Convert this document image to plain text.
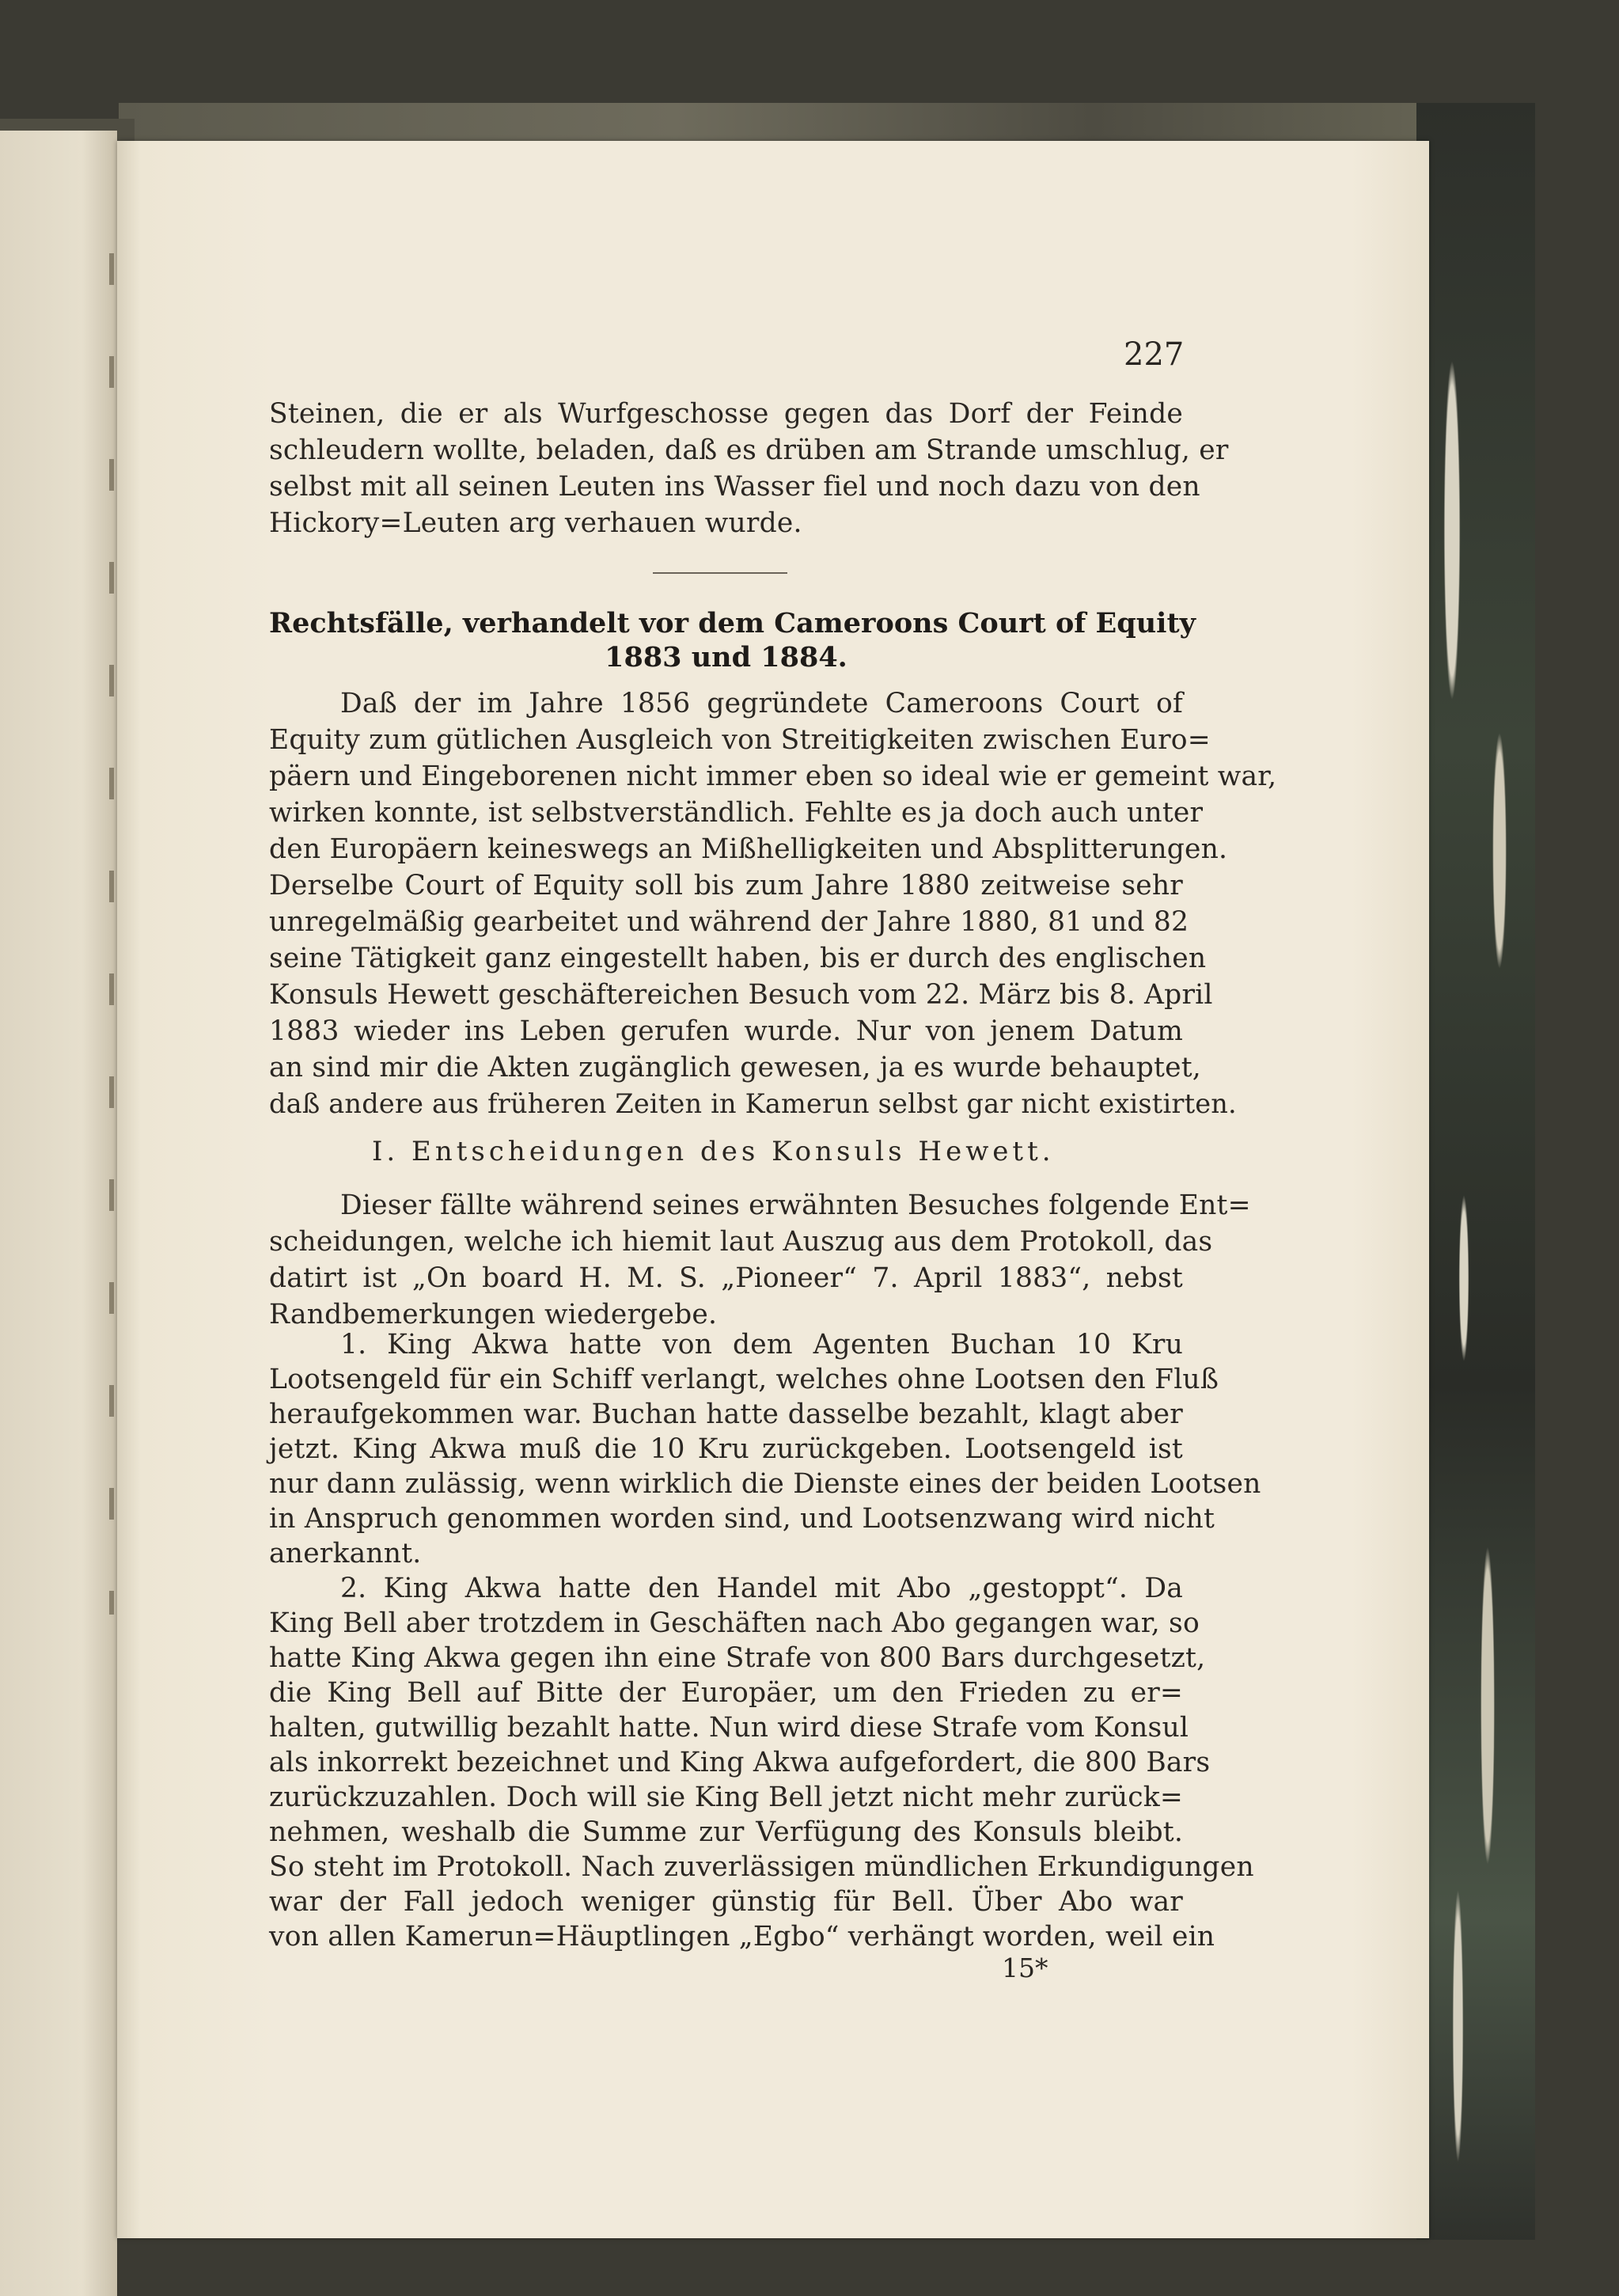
227
Steinen, die er als Wurfgeschosse gegen das Dorf der Feinde
schleudern wollte, beladen, daß es drüben am Strande umschlug, er
selbst mit all seinen Leuten ins Wasser fiel und noch dazu von den
Hickory=Leuten arg verhauen wurde.
Rechtsfälle, verhandelt vor dem Cameroons Court of Equity
1883 und 1884.
Daß der im Jahre 1856 gegründete Cameroons Court of
Equity zum gütlichen Ausgleich von Streitigkeiten zwischen Euro=
päern und Eingeborenen nicht immer eben so ideal wie er gemeint war,
wirken konnte, ist selbstverständlich. Fehlte es ja doch auch unter
den Europäern keineswegs an Mißhelligkeiten und Absplitterungen.
Derselbe Court of Equity soll bis zum Jahre 1880 zeitweise sehr
unregelmäßig gearbeitet und während der Jahre 1880, 81 und 82
seine Tätigkeit ganz eingestellt haben, bis er durch des englischen
Konsuls Hewett geschäftereichen Besuch vom 22. März bis 8. April
1883 wieder ins Leben gerufen wurde. Nur von jenem Datum
an sind mir die Akten zugänglich gewesen, ja es wurde behauptet,
daß andere aus früheren Zeiten in Kamerun selbst gar nicht existirten.
I. Entscheidungen des Konsuls Hewett.
Dieser fällte während seines erwähnten Besuches folgende Ent=
scheidungen, welche ich hiemit laut Auszug aus dem Protokoll, das
datirt ist „On board H. M. S. „Pioneer“ 7. April 1883“, nebst
Randbemerkungen wiedergebe.
1. King Akwa hatte von dem Agenten Buchan 10 Kru
Lootsengeld für ein Schiff verlangt, welches ohne Lootsen den Fluß
heraufgekommen war. Buchan hatte dasselbe bezahlt, klagt aber
jetzt. King Akwa muß die 10 Kru zurückgeben. Lootsengeld ist
nur dann zulässig, wenn wirklich die Dienste eines der beiden Lootsen
in Anspruch genommen worden sind, und Lootsenzwang wird nicht
anerkannt.
2. King Akwa hatte den Handel mit Abo „gestoppt“. Da
King Bell aber trotzdem in Geschäften nach Abo gegangen war, so
hatte King Akwa gegen ihn eine Strafe von 800 Bars durchgesetzt,
die King Bell auf Bitte der Europäer, um den Frieden zu er=
halten, gutwillig bezahlt hatte. Nun wird diese Strafe vom Konsul
als inkorrekt bezeichnet und King Akwa aufgefordert, die 800 Bars
zurückzuzahlen. Doch will sie King Bell jetzt nicht mehr zurück=
nehmen, weshalb die Summe zur Verfügung des Konsuls bleibt.
So steht im Protokoll. Nach zuverlässigen mündlichen Erkundigungen
war der Fall jedoch weniger günstig für Bell. Über Abo war
von allen Kamerun=Häuptlingen „Egbo“ verhängt worden, weil ein
15*
